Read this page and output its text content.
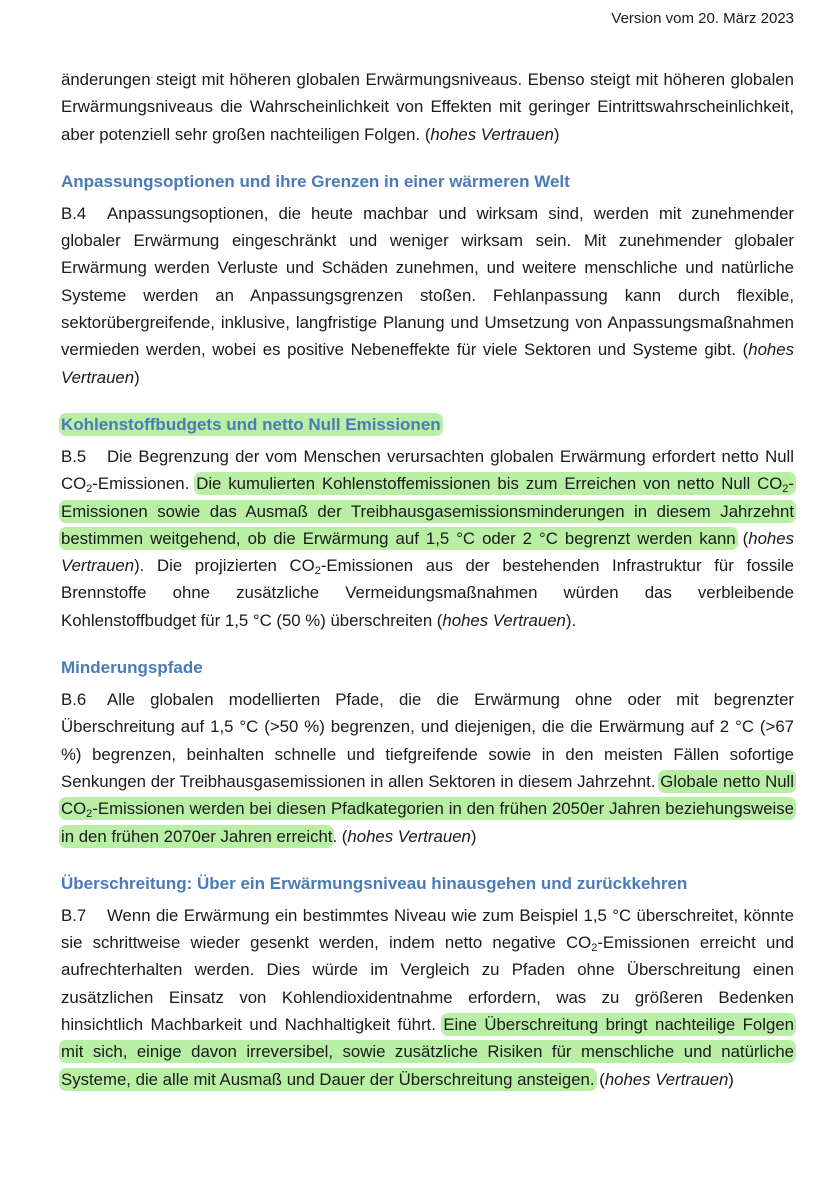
Version vom 20. März 2023

änderungen steigt mit höheren globalen Erwärmungsniveaus. Ebenso steigt mit höheren globalen Erwärmungsniveaus die Wahrscheinlichkeit von Effekten mit geringer Eintrittswahrscheinlichkeit, aber potenziell sehr großen nachteiligen Folgen. (hohes Vertrauen)

Anpassungsoptionen und ihre Grenzen in einer wärmeren Welt

B.4 Anpassungsoptionen, die heute machbar und wirksam sind, werden mit zunehmender globaler Erwärmung eingeschränkt und weniger wirksam sein. Mit zunehmender globaler Erwärmung werden Verluste und Schäden zunehmen, und weitere menschliche und natürliche Systeme werden an Anpassungsgrenzen stoßen. Fehlanpassung kann durch flexible, sektorübergreifende, inklusive, langfristige Planung und Umsetzung von Anpassungsmaßnahmen vermieden werden, wobei es positive Nebeneffekte für viele Sektoren und Systeme gibt. (hohes Vertrauen)

Kohlenstoffbudgets und netto Null Emissionen

B.5 Die Begrenzung der vom Menschen verursachten globalen Erwärmung erfordert netto Null $CO_2$-Emissionen. Die kumulierten Kohlenstoffemissionen bis zum Erreichen von netto Null $CO_2$-Emissionen sowie das Ausmaß der Treibhausgasemissionsminderungen in diesem Jahrzehnt bestimmen weitgehend, ob die Erwärmung auf 1,5 °C oder 2 °C begrenzt werden kann (hohes Vertrauen). Die projizierten $CO_2$-Emissionen aus der bestehenden Infrastruktur für fossile Brennstoffe ohne zusätzliche Vermeidungsmaßnahmen würden das verbleibende Kohlenstoffbudget für 1,5 °C (50 %) überschreiten (hohes Vertrauen).

Minderungspfade

B.6 Alle globalen modellierten Pfade, die die Erwärmung ohne oder mit begrenzter Überschreitung auf 1,5 °C (>50 %) begrenzen, und diejenigen, die die Erwärmung auf 2 °C (>67 %) begrenzen, beinhalten schnelle und tiefgreifende sowie in den meisten Fällen sofortige Senkungen der Treibhausgasemissionen in allen Sektoren in diesem Jahrzehnt. Globale netto Null $CO_2$-Emissionen werden bei diesen Pfadkategorien in den frühen 2050er Jahren beziehungsweise in den frühen 2070er Jahren erreicht. (hohes Vertrauen)

Überschreitung: Über ein Erwärmungsniveau hinausgehen und zurückkehren

B.7 Wenn die Erwärmung ein bestimmtes Niveau wie zum Beispiel 1,5 °C überschreitet, könnte sie schrittweise wieder gesenkt werden, indem netto negative $CO_2$-Emissionen erreicht und aufrechterhalten werden. Dies würde im Vergleich zu Pfaden ohne Überschreitung einen zusätzlichen Einsatz von Kohlendioxidentnahme erfordern, was zu größeren Bedenken hinsichtlich Machbarkeit und Nachhaltigkeit führt. Eine Überschreitung bringt nachteilige Folgen mit sich, einige davon irreversibel, sowie zusätzliche Risiken für menschliche und natürliche Systeme, die alle mit Ausmaß und Dauer der Überschreitung ansteigen. (hohes Vertrauen)
